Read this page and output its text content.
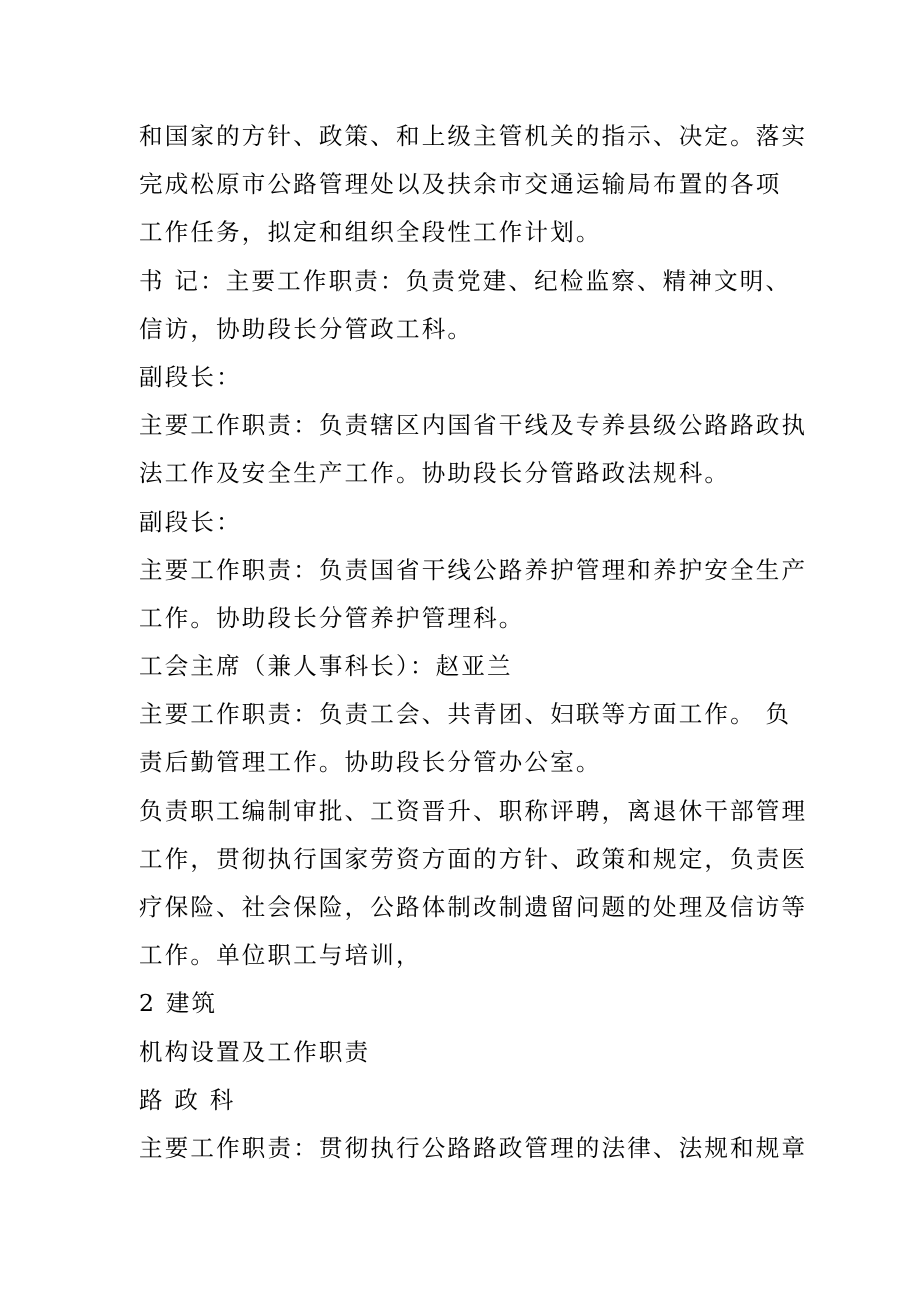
和国家的方针、政策、和上级主管机关的指示、决定。落实
完成松原市公路管理处以及扶余市交通运输局布置的各项
工作任务，拟定和组织全段性工作计划。
书 记：主要工作职责：负责党建、纪检监察、精神文明、
信访，协助段长分管政工科。
副段长：
主要工作职责：负责辖区内国省干线及专养县级公路路政执
法工作及安全生产工作。协助段长分管路政法规科。
副段长：
主要工作职责：负责国省干线公路养护管理和养护安全生产
工作。协助段长分管养护管理科。
工会主席（兼人事科长）：赵亚兰
主要工作职责：负责工会、共青团、妇联等方面工作。 负
责后勤管理工作。协助段长分管办公室。
负责职工编制审批、工资晋升、职称评聘，离退休干部管理
工作，贯彻执行国家劳资方面的方针、政策和规定，负责医
疗保险、社会保险，公路体制改制遗留问题的处理及信访等
工作。单位职工与培训，
2 建筑
机构设置及工作职责
路 政 科
主要工作职责：贯彻执行公路路政管理的法律、法规和规章
